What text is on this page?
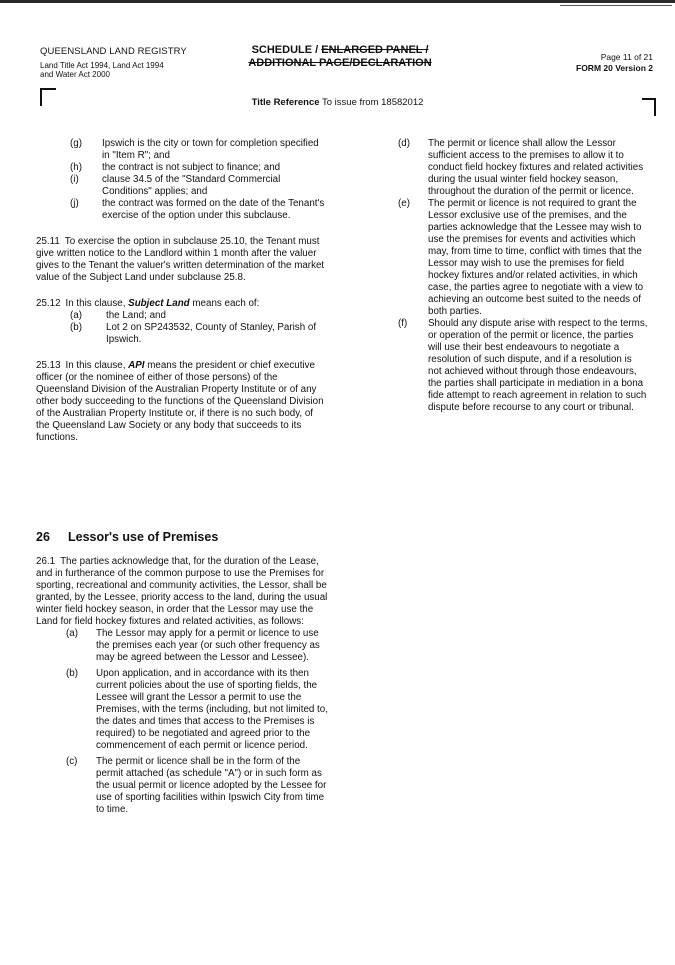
QUEENSLAND LAND REGISTRY
Land Title Act 1994, Land Act 1994
and Water Act 2000
SCHEDULE / ENLARGED PANEL /
ADDITIONAL PAGE/DECLARATION	Page 11 of 21
FORM 20 Version 2
Title Reference To issue from 18582012
(g)	Ipswich is the city or town for completion specified in "Item R"; and
(h)	the contract is not subject to finance; and
(i)	clause 34.5 of the "Standard Commercial Conditions" applies; and
(j)	the contract was formed on the date of the Tenant's exercise of the option under this subclause.
25.11 To exercise the option in subclause 25.10, the Tenant must give written notice to the Landlord within 1 month after the valuer gives to the Tenant the valuer's written determination of the market value of the Subject Land under subclause 25.8.
25.12 In this clause, Subject Land means each of:
(a)	the Land; and
(b)	Lot 2 on SP243532, County of Stanley, Parish of Ipswich.
25.13 In this clause, API means the president or chief executive officer (or the nominee of either of those persons) of the Queensland Division of the Australian Property Institute or of any other body succeeding to the functions of the Queensland Division of the Australian Property Institute or, if there is no such body, of the Queensland Law Society or any body that succeeds to its functions.
26 Lessor's use of Premises
26.1 The parties acknowledge that, for the duration of the Lease, and in furtherance of the common purpose to use the Premises for sporting, recreational and community activities, the Lessor, shall be granted, by the Lessee, priority access to the land, during the usual winter field hockey season, in order that the Lessor may use the Land for field hockey fixtures and related activities, as follows:
(a)	The Lessor may apply for a permit or licence to use the premises each year (or such other frequency as may be agreed between the Lessor and Lessee).
(b)	Upon application, and in accordance with its then current policies about the use of sporting fields, the Lessee will grant the Lessor a permit to use the Premises, with the terms (including, but not limited to, the dates and times that access to the Premises is required) to be negotiated and agreed prior to the commencement of each permit or licence period.
(c)	The permit or licence shall be in the form of the permit attached (as schedule "A") or in such form as the usual permit or licence adopted by the Lessee for use of sporting facilities within Ipswich City from time to time.
(d)	The permit or licence shall allow the Lessor sufficient access to the premises to allow it to conduct field hockey fixtures and related activities during the usual winter field hockey season, throughout the duration of the permit or licence.
(e)	The permit or licence is not required to grant the Lessor exclusive use of the premises, and the parties acknowledge that the Lessee may wish to use the premises for events and activities which may, from time to time, conflict with times that the Lessor may wish to use the premises for field hockey fixtures and/or related activities, in which case, the parties agree to negotiate with a view to achieving an outcome best suited to the needs of both parties.
(f)	Should any dispute arise with respect to the terms, or operation of the permit or licence, the parties will use their best endeavours to negotiate a resolution of such dispute, and if a resolution is not achieved without through those endeavours, the parties shall participate in mediation in a bona fide attempt to reach agreement in relation to such dispute before recourse to any court or tribunal.
